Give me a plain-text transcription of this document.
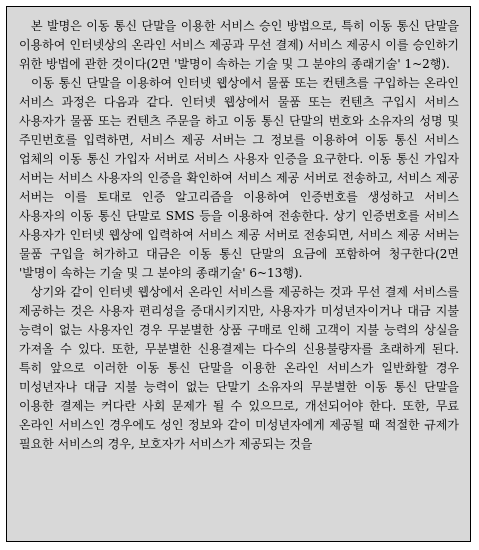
본 발명은 이동 통신 단말을 이용한 서비스 승인 방법으로, 특히 이동 통신 단말을 이용하여 인터넷상의 온라인 서비스 제공과 무선 결제) 서비스 제공시 이를 승인하기 위한 방법에 관한 것이다(2면 '발명이 속하는 기술 및 그 분야의 종래기술' 1~2행).

이동 통신 단말을 이용하여 인터넷 웹상에서 물품 또는 컨텐츠를 구입하는 온라인 서비스 과정은 다음과 같다. 인터넷 웹상에서 물품 또는 컨텐츠 구입시 서비스 사용자가 물품 또는 컨텐츠 주문을 하고 이동 통신 단말의 번호와 소유자의 성명 및 주민번호를 입력하면, 서비스 제공 서버는 그 정보를 이용하여 이동 통신 서비스 업체의 이동 통신 가입자 서버로 서비스 사용자 인증을 요구한다. 이동 통신 가입자 서버는 서비스 사용자의 인증을 확인하여 서비스 제공 서버로 전송하고, 서비스 제공 서버는 이를 토대로 인증 알고리즘을 이용하여 인증번호를 생성하고 서비스 사용자의 이동 통신 단말로 SMS 등을 이용하여 전송한다. 상기 인증번호를 서비스 사용자가 인터넷 웹상에 입력하여 서비스 제공 서버로 전송되면, 서비스 제공 서버는 물품 구입을 허가하고 대금은 이동 통신 단말의 요금에 포함하여 청구한다(2면 '발명이 속하는 기술 및 그 분야의 종래기술' 6~13행).

상기와 같이 인터넷 웹상에서 온라인 서비스를 제공하는 것과 무선 결제 서비스를 제공하는 것은 사용자 편리성을 증대시키지만, 사용자가 미성년자이거나 대금 지불 능력이 없는 사용자인 경우 무분별한 상품 구매로 인해 고객이 지불 능력의 상실을 가져올 수 있다. 또한, 무분별한 신용결제는 다수의 신용불량자를 초래하게 된다. 특히 앞으로 이러한 이동 통신 단말을 이용한 온라인 서비스가 일반화할 경우 미성년자나 대금 지불 능력이 없는 단말기 소유자의 무분별한 이동 통신 단말을 이용한 결제는 커다란 사회 문제가 될 수 있으므로, 개선되어야 한다. 또한, 무료 온라인 서비스인 경우에도 성인 정보와 같이 미성년자에게 제공될 때 적절한 규제가 필요한 서비스의 경우, 보호자가 서비스가 제공되는 것을
